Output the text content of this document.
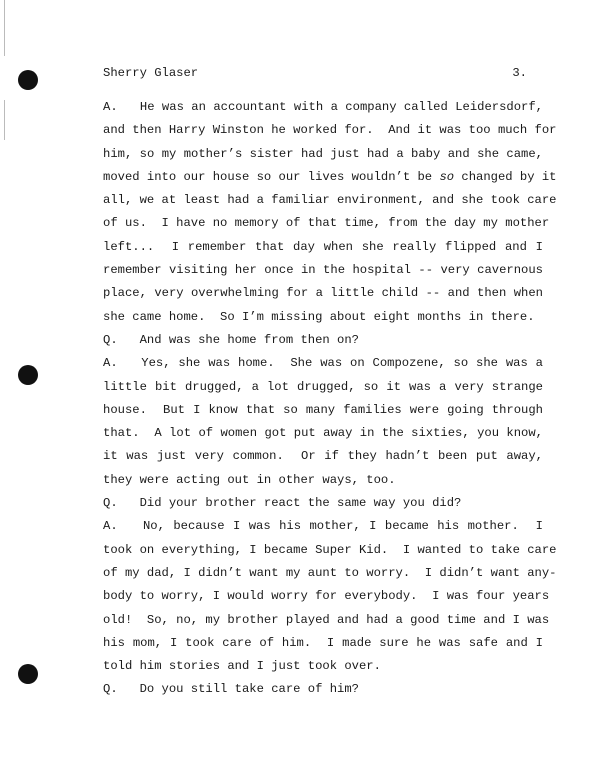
Sherry Glaser	3.
A.   He was an accountant with a company called Leidersdorf,
and then Harry Winston he worked for.  And it was too much for
him, so my mother’s sister had just had a baby and she came,
moved into our house so our lives wouldn’t be so changed by it
all, we at least had a familiar environment, and she took care
of us.  I have no memory of that time, from the day my mother
left...  I remember that day when she really flipped and I
remember visiting her once in the hospital -- very cavernous
place, very overwhelming for a little child -- and then when
she came home.  So I’m missing about eight months in there.
Q.   And was she home from then on?
A.   Yes, she was home.  She was on Compozene, so she was a
little bit drugged, a lot drugged, so it was a very strange
house.  But I know that so many families were going through
that.  A lot of women got put away in the sixties, you know,
it was just very common.  Or if they hadn’t been put away,
they were acting out in other ways, too.
Q.   Did your brother react the same way you did?
A.   No, because I was his mother, I became his mother.  I
took on everything, I became Super Kid.  I wanted to take care
of my dad, I didn’t want my aunt to worry.  I didn’t want any-
body to worry, I would worry for everybody.  I was four years
old!  So, no, my brother played and had a good time and I was
his mom, I took care of him.  I made sure he was safe and I
told him stories and I just took over.
Q.   Do you still take care of him?
